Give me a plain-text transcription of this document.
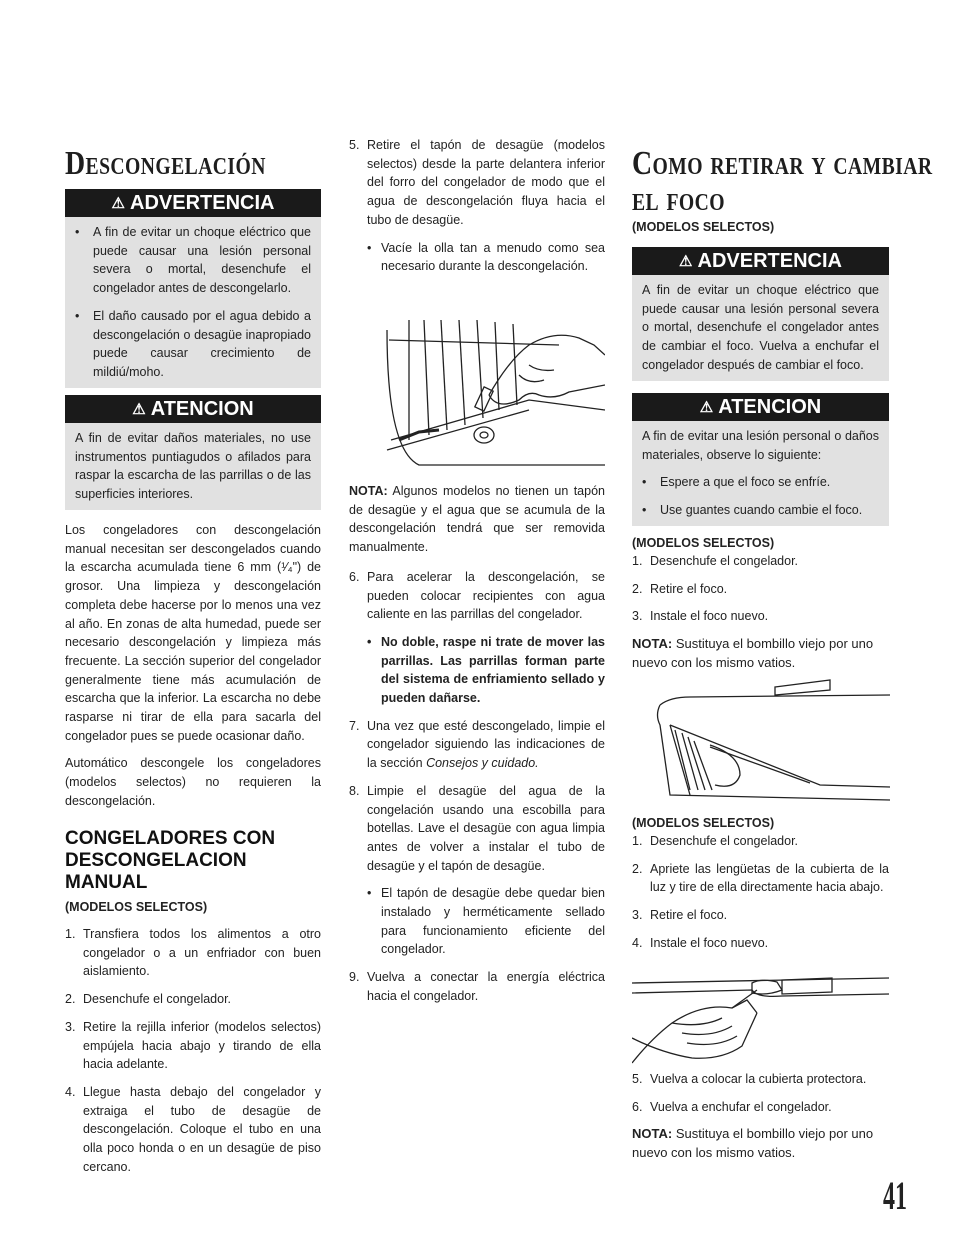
Descongelación
⚠ ADVERTENCIA
• A fin de evitar un choque eléctrico que puede causar una lesión personal severa o mortal, desenchufe el congelador antes de descongelarlo.
• El daño causado por el agua debido a descongelación o desagüe inapropiado puede causar crecimiento de mildiú/moho.
⚠ ATENCION

A fin de evitar daños materiales, no use instrumentos puntiagudos o afilados para raspar la escarcha de las parrillas o de las superficies interiores.

Los congeladores con descongelación manual necesitan ser descongelados cuando la escarcha acumulada tiene 6 mm (¹⁄₄") de grosor. Una limpieza y descongelación completa debe hacerse por lo menos una vez al año. En zonas de alta humedad, puede ser necesario descongelación y limpieza más frecuente. La sección superior del congelador generalmente tiene más acumulación de escarcha que la inferior. La escarcha no debe rasparse ni tirar de ella para sacarla del congelador pues se puede ocasionar daño.

Automático descongele los congeladores (modelos selectos) no requieren la descongelación.

CONGELADORES CON DESCONGELACION MANUAL

(MODELOS SELECTOS)

1. Transfiera todos los alimentos a otro congelador o a un enfriador con buen aislamiento.
2. Desenchufe el congelador.
3. Retire la rejilla inferior (modelos selectos) empújela hacia abajo y tirando de ella hacia adelante.
4. Llegue hasta debajo del congelador y extraiga el tubo de desagüe de descongelación. Coloque el tubo en una olla poco honda o en un desagüe de piso cercano.
5. Retire el tapón de desagüe (modelos selectos) desde la parte delantera inferior del forro del congelador de modo que el agua de descongelación fluya hacia el tubo de desagüe.
• Vacíe la olla tan a menudo como sea necesario durante la descongelación.

NOTA: Algunos modelos no tienen un tapón de desagüe y el agua que se acumula de la descongelación tendrá que ser removida manualmente.

6. Para acelerar la descongelación, se pueden colocar recipientes con agua caliente en las parrillas del congelador.
• No doble, raspe ni trate de mover las parrillas. Las parrillas forman parte del sistema de enfriamiento sellado y pueden dañarse.
7. Una vez que esté descongelado, limpie el congelador siguiendo las indicaciones de la sección Consejos y cuidado.
8. Limpie el desagüe del agua de la congelación usando una escobilla para botellas. Lave el desagüe con agua limpia antes de volver a instalar el tubo de desagüe y el tapón de desagüe.
• El tapón de desagüe debe quedar bien instalado y herméticamente sellado para funcionamiento eficiente del congelador.
9. Vuelva a conectar la energía eléctrica hacia el congelador.
Como retirar y cambiar
el foco

(MODELOS SELECTOS)

⚠ ADVERTENCIA

A fin de evitar un choque eléctrico que puede causar una lesión personal severa o mortal, desenchufe el congelador antes de cambiar el foco. Vuelva a enchufar el congelador después de cambiar el foco.

⚠ ATENCION

A fin de evitar una lesión personal o daños materiales, observe lo siguiente:

• Espere a que el foco se enfríe.
• Use guantes cuando cambie el foco.

(MODELOS SELECTOS)

1. Desenchufe el congelador.
2. Retire el foco.
3. Instale el foco nuevo.

NOTA: Sustituya el bombillo viejo por uno nuevo con los mismo vatios.

(MODELOS SELECTOS)

1. Desenchufe el congelador.
2. Apriete las lengüetas de la cubierta de la luz y tire de ella directamente hacia abajo.
3. Retire el foco.
4. Instale el foco nuevo.
5. Vuelva a colocar la cubierta protectora.
6. Vuelva a enchufar el congelador.

NOTA: Sustituya el bombillo viejo por uno nuevo con los mismo vatios.

41
